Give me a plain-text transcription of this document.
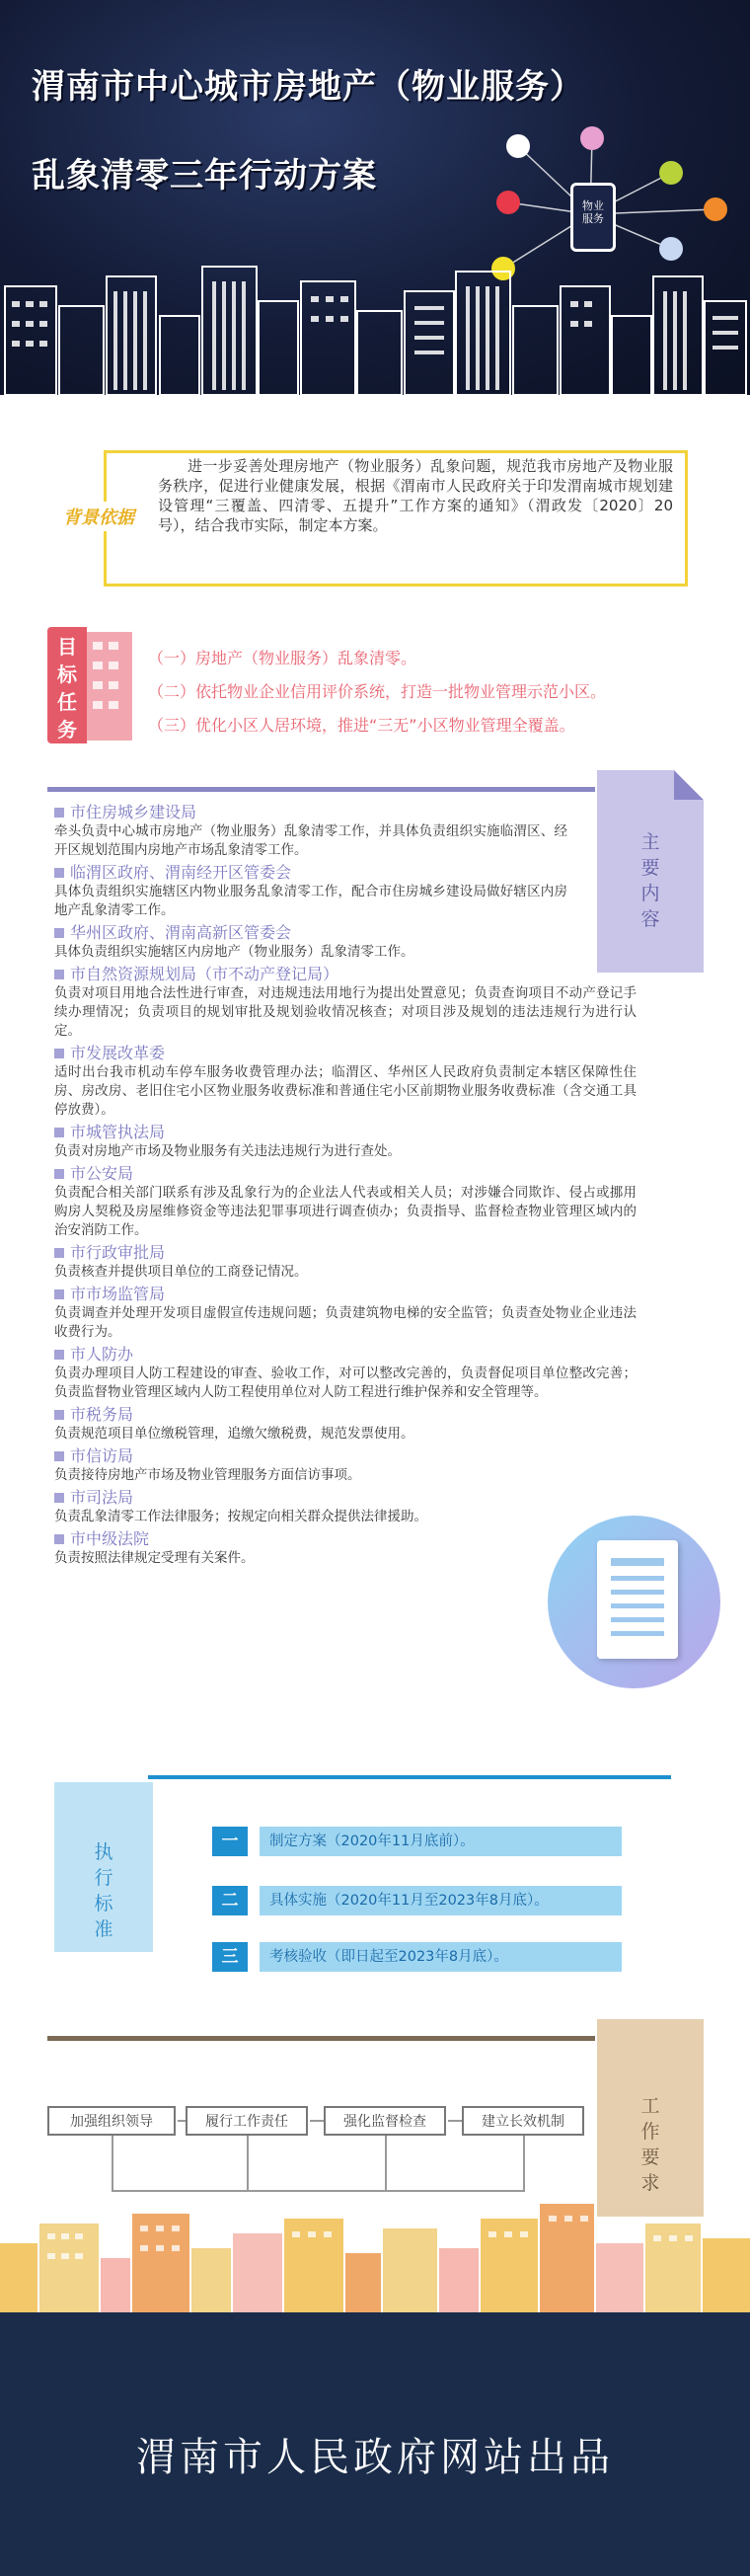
渭南市中心城市房地产（物业服务）
乱象清零三年行动方案
物业
服务
背景依据
进一步妥善处理房地产（物业服务）乱象问题，规范我市房地产及物业服务秩序，促进行业健康发展，根据《渭南市人民政府关于印发渭南城市规划建设管理“三覆盖、四清零、五提升”工作方案的通知》（渭政发〔2020〕20号），结合我市实际，制定本方案。
目
标
任
务
（一）房地产（物业服务）乱象清零。
（二）依托物业企业信用评价系统，打造一批物业管理示范小区。
（三）优化小区人居环境，推进“三无”小区物业管理全覆盖。
主
要
内
容
市住房城乡建设局
牵头负责中心城市房地产（物业服务）乱象清零工作，并具体负责组织实施临渭区、经开区规划范围内房地产市场乱象清零工作。
临渭区政府、渭南经开区管委会
具体负责组织实施辖区内物业服务乱象清零工作，配合市住房城乡建设局做好辖区内房地产乱象清零工作。
华州区政府、渭南高新区管委会
具体负责组织实施辖区内房地产（物业服务）乱象清零工作。
市自然资源规划局（市不动产登记局）
负责对项目用地合法性进行审查，对违规违法用地行为提出处置意见；负责查询项目不动产登记手续办理情况；负责项目的规划审批及规划验收情况核查；对项目涉及规划的违法违规行为进行认定。
市发展改革委
适时出台我市机动车停车服务收费管理办法；临渭区、华州区人民政府负责制定本辖区保障性住房、房改房、老旧住宅小区物业服务收费标准和普通住宅小区前期物业服务收费标准（含交通工具停放费）。
市城管执法局
负责对房地产市场及物业服务有关违法违规行为进行查处。
市公安局
负责配合相关部门联系有涉及乱象行为的企业法人代表或相关人员；对涉嫌合同欺诈、侵占或挪用购房人契税及房屋维修资金等违法犯罪事项进行调查侦办；负责指导、监督检查物业管理区域内的治安消防工作。
市行政审批局
负责核查并提供项目单位的工商登记情况。
市市场监管局
负责调查并处理开发项目虚假宣传违规问题；负责建筑物电梯的安全监管；负责查处物业企业违法收费行为。
市人防办
负责办理项目人防工程建设的审查、验收工作，对可以整改完善的，负责督促项目单位整改完善；负责监督物业管理区域内人防工程使用单位对人防工程进行维护保养和安全管理等。
市税务局
负责规范项目单位缴税管理，追缴欠缴税费，规范发票使用。
市信访局
负责接待房地产市场及物业管理服务方面信访事项。
市司法局
负责乱象清零工作法律服务；按规定向相关群众提供法律援助。
市中级法院
负责按照法律规定受理有关案件。
执
行
标
准
一	制定方案（2020年11月底前）。
二	具体实施（2020年11月至2023年8月底）。
三	考核验收（即日起至2023年8月底）。
工
作
要
求
加强组织领导	履行工作责任	强化监督检查	建立长效机制
渭南市人民政府网站出品
